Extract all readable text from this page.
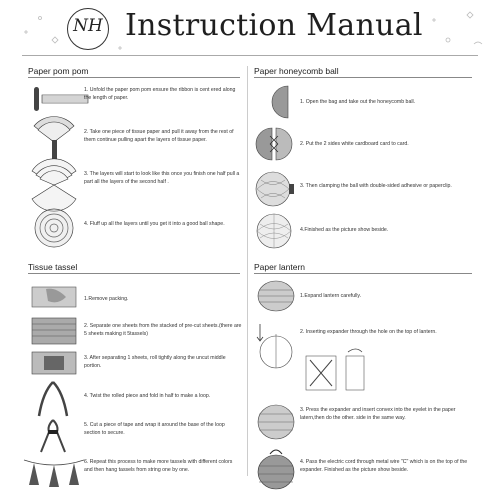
NH Instruction Manual
Paper pom pom
1. Unfold the paper pom pom ensure the ribbon is cent ered along the length of paper.
2. Take one piece of tissue paper and pull it away from the rest of them continue pulling apart the layers of tissue paper.
3. The layers will start to look like this once you finish one half pull a part all the layers of the second half .
4. Fluff up all the layers until you get it into a good ball shape.
Tissue tassel
1.Remove packing.
2. Separate one sheets from the stacked of pre-cut sheets.(there are 5 sheets making it 5tassels)
3. After separating 1 sheets, roll tightly along the uncut middle portion.
4. Twist the rolled piece and fold in half to make a loop.
5. Cut a piece of tape and wrap it around the base of the loop section to secure.
6. Repeat this process to make more tassels with different colors and then hang tassels from string one by one.
Paper honeycomb ball
1. Open the bag and take out the honeycomb ball.
2. Put the 2 sides white cardboard card to card.
3. Then clamping the ball with double-sided adhesive or paperclip.
4.Finished as the picture show beside.
Paper lantern
1.Expand lantern carefully.
2. Inserting expander through the hole on the top of lantern.
3. Press the expander and insert convex into the eyelet in the paper latern,then do the other. side in the same way.
4. Pass the electric cord through metal wire "C" which is on the top of the expander. Finished as the picture show beside.
